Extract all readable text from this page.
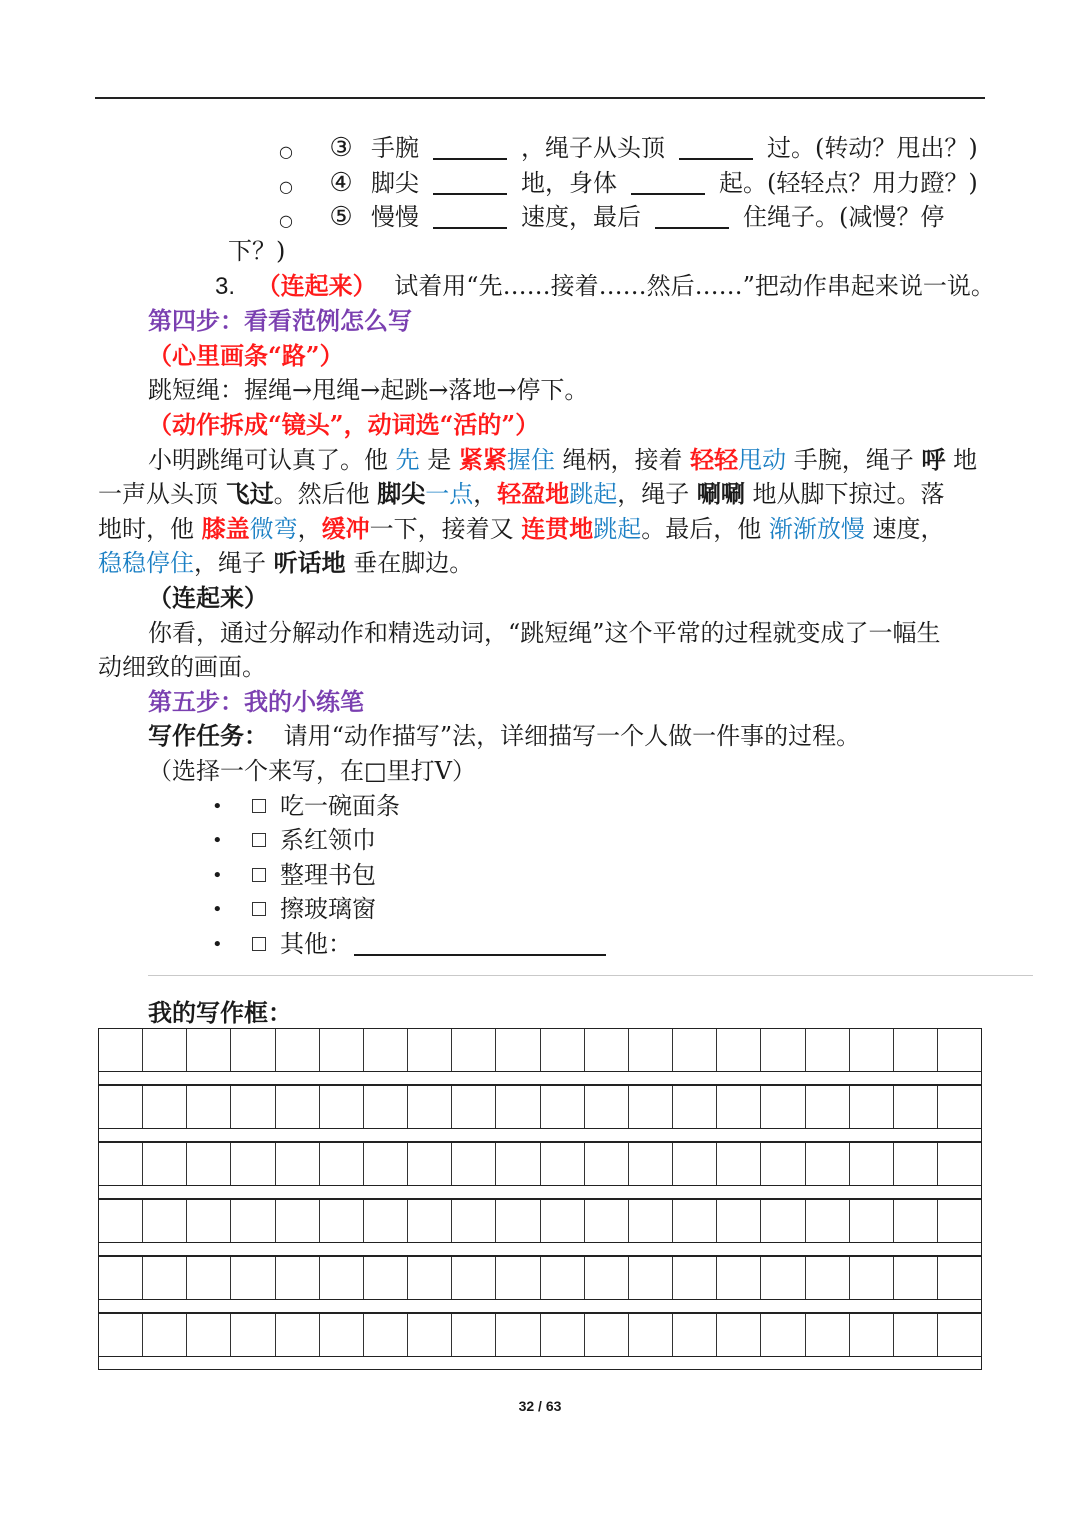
○ ③ 手腕	，绳子从头顶	过。(转动？甩出？)
○ ④ 脚尖	地，身体	起。(轻轻点？用力蹬？)
○ ⑤ 慢慢	速度，最后	住绳子。(减慢？停
下？)
3. （连起来） 试着用“先……接着……然后……”把动作串起来说一说。
第四步：看看范例怎么写
（心里画条“路”）
跳短绳：握绳→甩绳→起跳→落地→停下。
（动作拆成“镜头”，动词选“活的”）
小明跳绳可认真了。他 先 是 紧紧握住 绳柄，接着 轻轻甩动 手腕，绳子 呼 地
一声从头顶 飞过。然后他 脚尖一点，轻盈地跳起，绳子 唰唰 地从脚下掠过。落
地时，他 膝盖微弯，缓冲一下，接着又 连贯地跳起。最后，他 渐渐放慢 速度，
稳稳停住，绳子 听话地 垂在脚边。
（连起来）
你看，通过分解动作和精选动词，“跳短绳”这个平常的过程就变成了一幅生
动细致的画面。
第五步：我的小练笔
写作任务： 请用“动作描写”法，详细描写一个人做一件事的过程。
（选择一个来写，在□里打V）
•	吃一碗面条
•	系红领巾
•	整理书包
•	擦玻璃窗
•	其他：
我的写作框：
32 / 63
